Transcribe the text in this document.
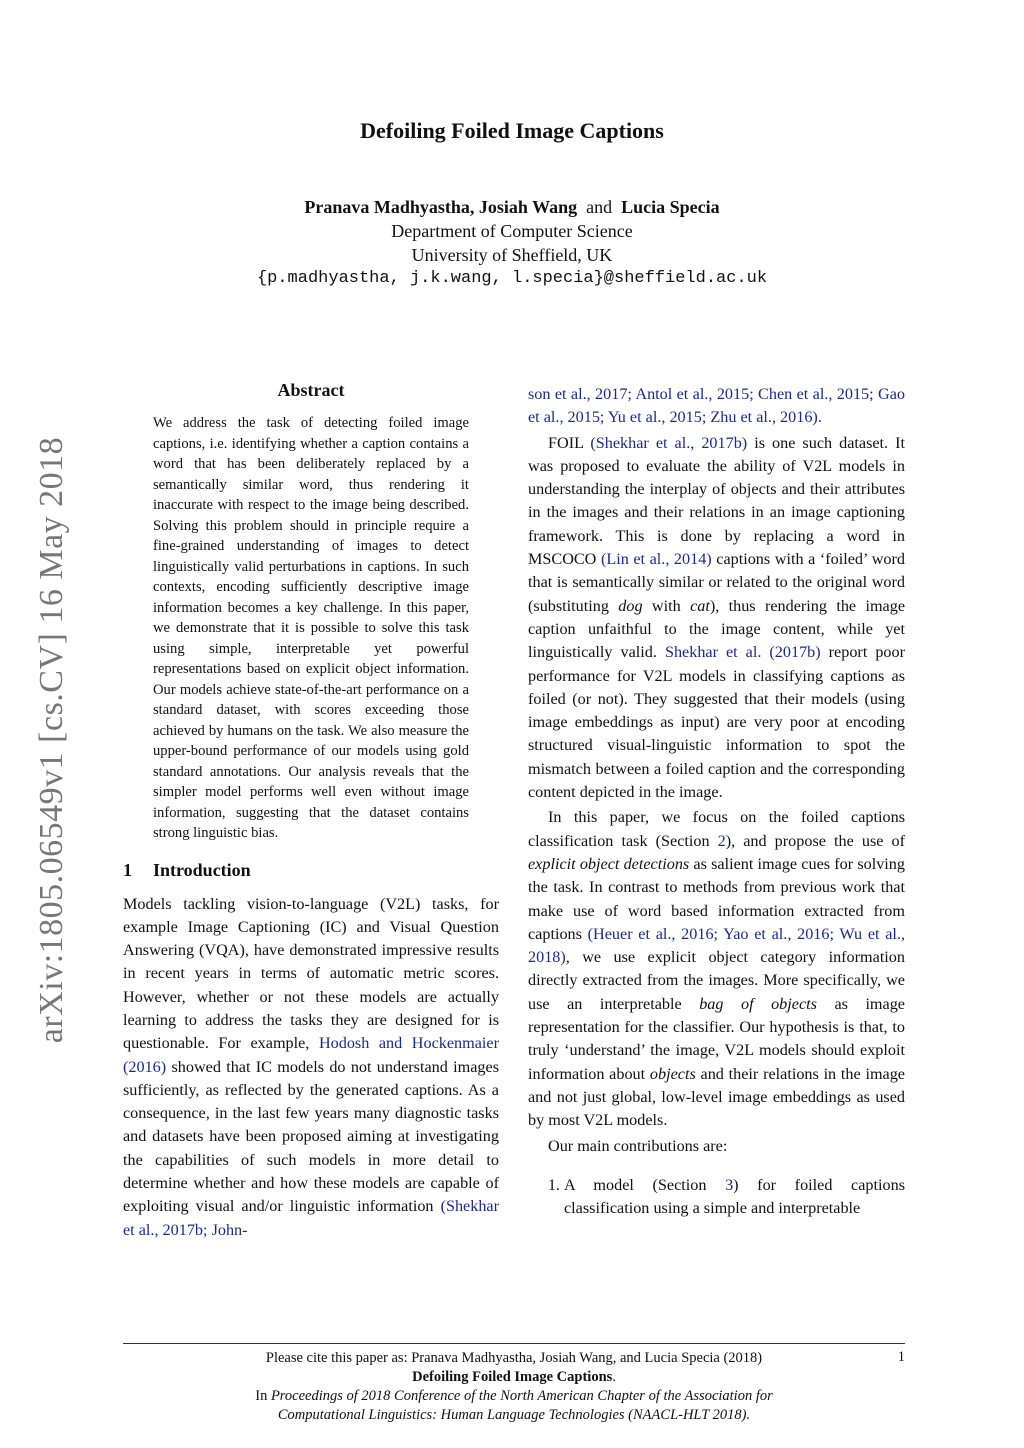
Defoiling Foiled Image Captions
Pranava Madhyastha, Josiah Wang and Lucia Specia
Department of Computer Science
University of Sheffield, UK
{p.madhyastha, j.k.wang, l.specia}@sheffield.ac.uk
arXiv:1805.06549v1 [cs.CV] 16 May 2018
Abstract
We address the task of detecting foiled image captions, i.e. identifying whether a caption contains a word that has been deliberately replaced by a semantically similar word, thus rendering it inaccurate with respect to the image being described. Solving this problem should in principle require a fine-grained understanding of images to detect linguistically valid perturbations in captions. In such contexts, encoding sufficiently descriptive image information becomes a key challenge. In this paper, we demonstrate that it is possible to solve this task using simple, interpretable yet powerful representations based on explicit object information. Our models achieve state-of-the-art performance on a standard dataset, with scores exceeding those achieved by humans on the task. We also measure the upper-bound performance of our models using gold standard annotations. Our analysis reveals that the simpler model performs well even without image information, suggesting that the dataset contains strong linguistic bias.
1 Introduction

Models tackling vision-to-language (V2L) tasks, for example Image Captioning (IC) and Visual Question Answering (VQA), have demonstrated impressive results in recent years in terms of automatic metric scores. However, whether or not these models are actually learning to address the tasks they are designed for is questionable. For example, Hodosh and Hockenmaier (2016) showed that IC models do not understand images sufficiently, as reflected by the generated captions. As a consequence, in the last few years many diagnostic tasks and datasets have been proposed aiming at investigating the capabilities of such models in more detail to determine whether and how these models are capable of exploiting visual and/or linguistic information (Shekhar et al., 2017b; John-

son et al., 2017; Antol et al., 2015; Chen et al., 2015; Gao et al., 2015; Yu et al., 2015; Zhu et al., 2016).

FOIL (Shekhar et al., 2017b) is one such dataset. It was proposed to evaluate the ability of V2L models in understanding the interplay of objects and their attributes in the images and their relations in an image captioning framework. This is done by replacing a word in MSCOCO (Lin et al., 2014) captions with a ‘foiled’ word that is semantically similar or related to the original word (substituting dog with cat), thus rendering the image caption unfaithful to the image content, while yet linguistically valid. Shekhar et al. (2017b) report poor performance for V2L models in classifying captions as foiled (or not). They suggested that their models (using image embeddings as input) are very poor at encoding structured visual-linguistic information to spot the mismatch between a foiled caption and the corresponding content depicted in the image.

In this paper, we focus on the foiled captions classification task (Section 2), and propose the use of explicit object detections as salient image cues for solving the task. In contrast to methods from previous work that make use of word based information extracted from captions (Heuer et al., 2016; Yao et al., 2016; Wu et al., 2018), we use explicit object category information directly extracted from the images. More specifically, we use an interpretable bag of objects as image representation for the classifier. Our hypothesis is that, to truly ‘understand’ the image, V2L models should exploit information about objects and their relations in the image and not just global, low-level image embeddings as used by most V2L models.

Our main contributions are:

1. A model (Section 3) for foiled captions classification using a simple and interpretable
Please cite this paper as: Pranava Madhyastha, Josiah Wang, and Lucia Specia (2018)
Defoiling Foiled Image Captions.
In Proceedings of 2018 Conference of the North American Chapter of the Association for
Computational Linguistics: Human Language Technologies (NAACL-HLT 2018).
1
